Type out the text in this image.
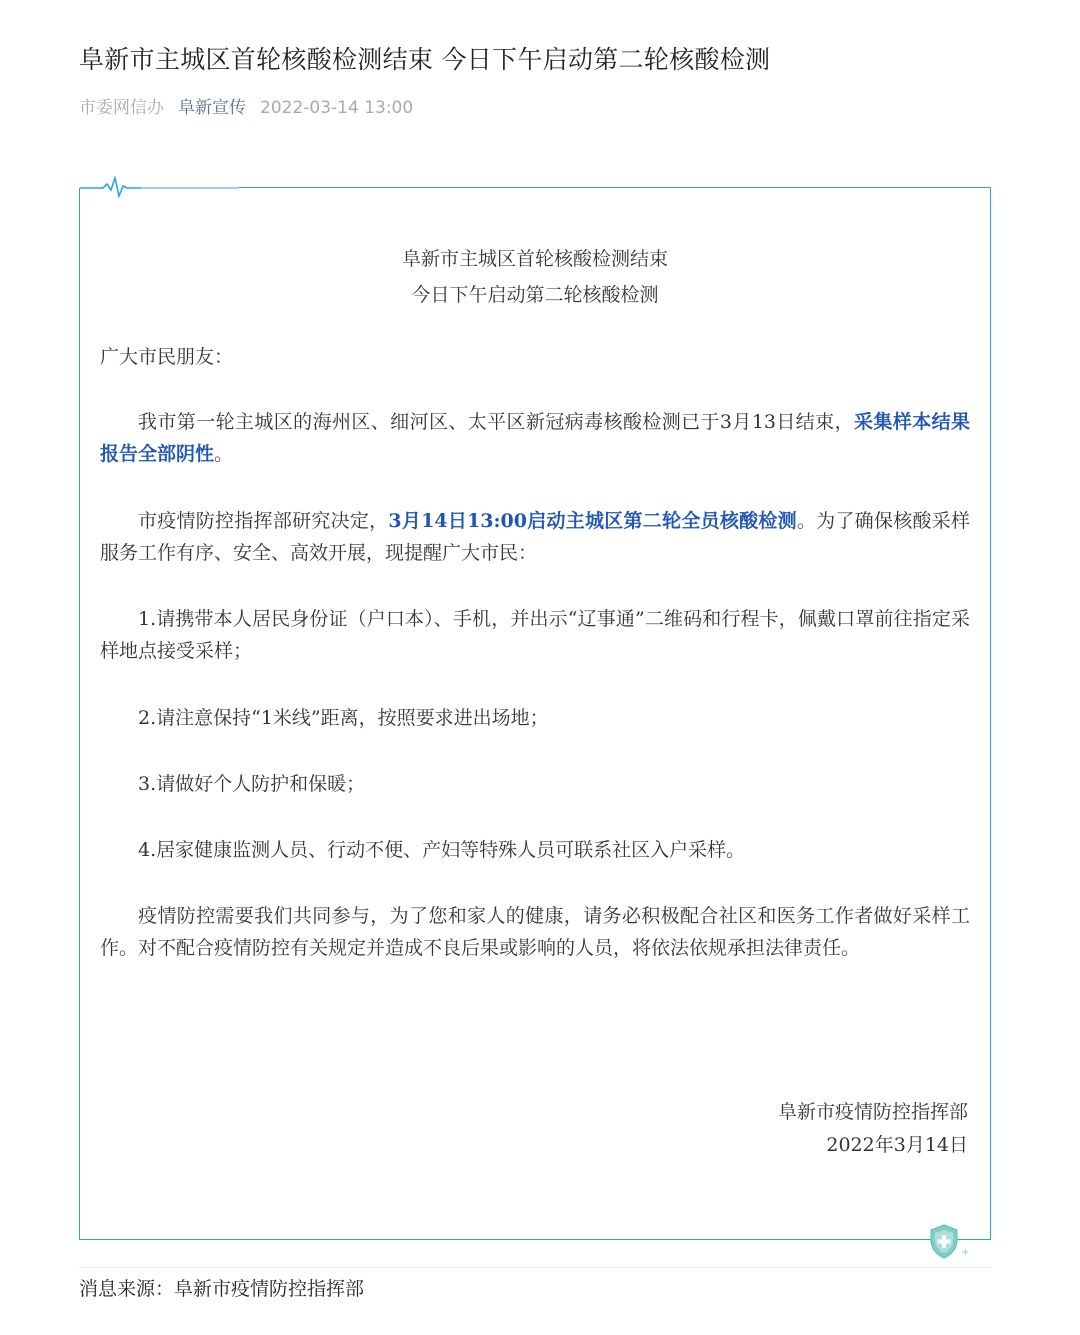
阜新市主城区首轮核酸检测结束 今日下午启动第二轮核酸检测
市委网信办 阜新宣传 2022-03-14 13:00
+
阜新市主城区首轮核酸检测结束
今日下午启动第二轮核酸检测
广大市民朋友：
我市第一轮主城区的海州区、细河区、太平区新冠病毒核酸检测已于3月13日结束，采集样本结果报告全部阴性。
市疫情防控指挥部研究决定，3月14日13:00启动主城区第二轮全员核酸检测。为了确保核酸采样服务工作有序、安全、高效开展，现提醒广大市民：
1.请携带本人居民身份证（户口本）、手机，并出示“辽事通”二维码和行程卡，佩戴口罩前往指定采样地点接受采样；
2.请注意保持“1米线”距离，按照要求进出场地；
3.请做好个人防护和保暖；
4.居家健康监测人员、行动不便、产妇等特殊人员可联系社区入户采样。
疫情防控需要我们共同参与，为了您和家人的健康，请务必积极配合社区和医务工作者做好采样工作。对不配合疫情防控有关规定并造成不良后果或影响的人员，将依法依规承担法律责任。
阜新市疫情防控指挥部
2022年3月14日
消息来源：阜新市疫情防控指挥部
